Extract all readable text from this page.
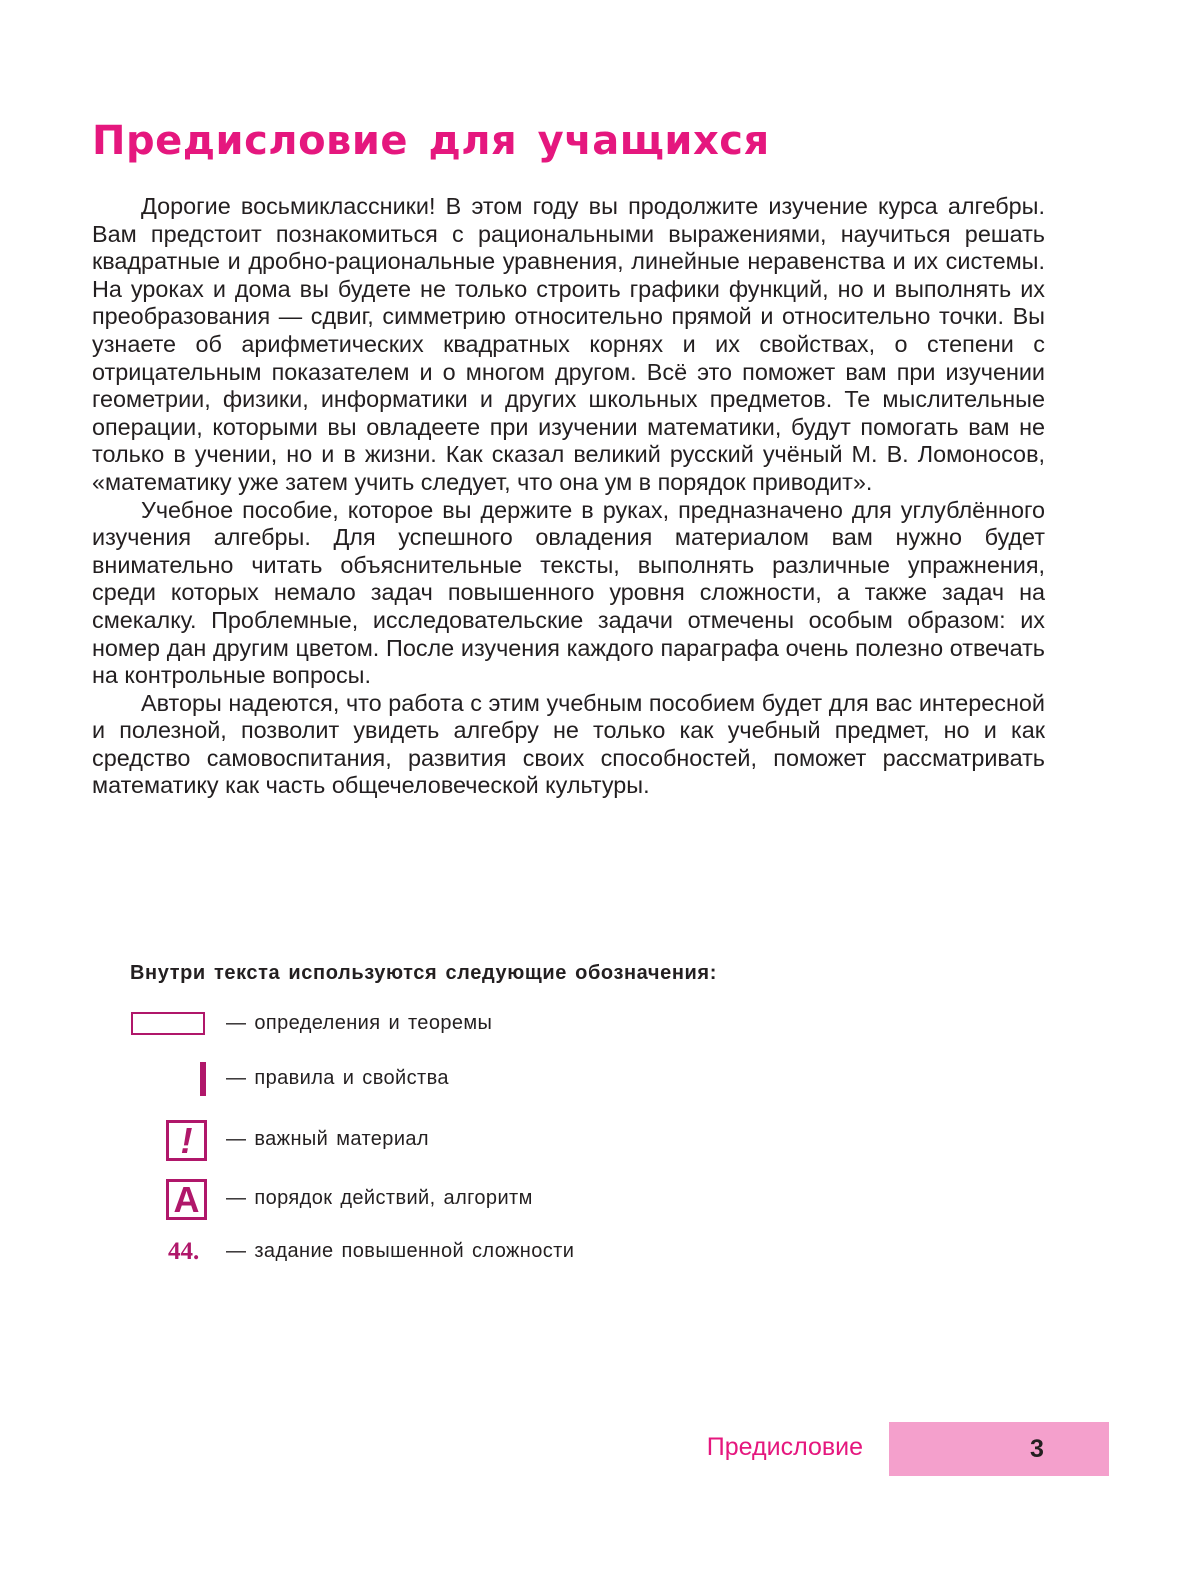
Предисловие для учащихся

Дорогие восьмиклассники! В этом году вы продолжите изучение курса алгебры. Вам предстоит познакомиться с рациональными выражениями, научиться решать квадратные и дробно-рациональные уравнения, линейные неравенства и их системы. На уроках и дома вы будете не только строить графики функций, но и выполнять их преобразования — сдвиг, симметрию относительно прямой и относительно точки. Вы узнаете об арифметических квадратных корнях и их свойствах, о степени с отрицательным показателем и о многом другом. Всё это поможет вам при изучении геометрии, физики, информатики и других школьных предметов. Те мыслительные операции, которыми вы овладеете при изучении математики, будут помогать вам не только в учении, но и в жизни. Как сказал великий русский учёный М. В. Ломоносов, «математику уже затем учить следует, что она ум в порядок приводит».

Учебное пособие, которое вы держите в руках, предназначено для углублённого изучения алгебры. Для успешного овладения материалом вам нужно будет внимательно читать объяснительные тексты, выполнять различные упражнения, среди которых немало задач повышенного уровня сложности, а также задач на смекалку. Проблемные, исследовательские задачи отмечены особым образом: их номер дан другим цветом. После изучения каждого параграфа очень полезно отвечать на контрольные вопросы.

Авторы надеются, что работа с этим учебным пособием будет для вас интересной и полезной, позволит увидеть алгебру не только как учебный предмет, но и как средство самовоспитания, развития своих способностей, поможет рассматривать математику как часть общечеловеческой культуры.

Внутри текста используются следующие обозначения:

— определения и теоремы
— правила и свойства
!	— важный материал
A	— порядок действий, алгоритм
44. — задание повышенной сложности
Предисловие	3
